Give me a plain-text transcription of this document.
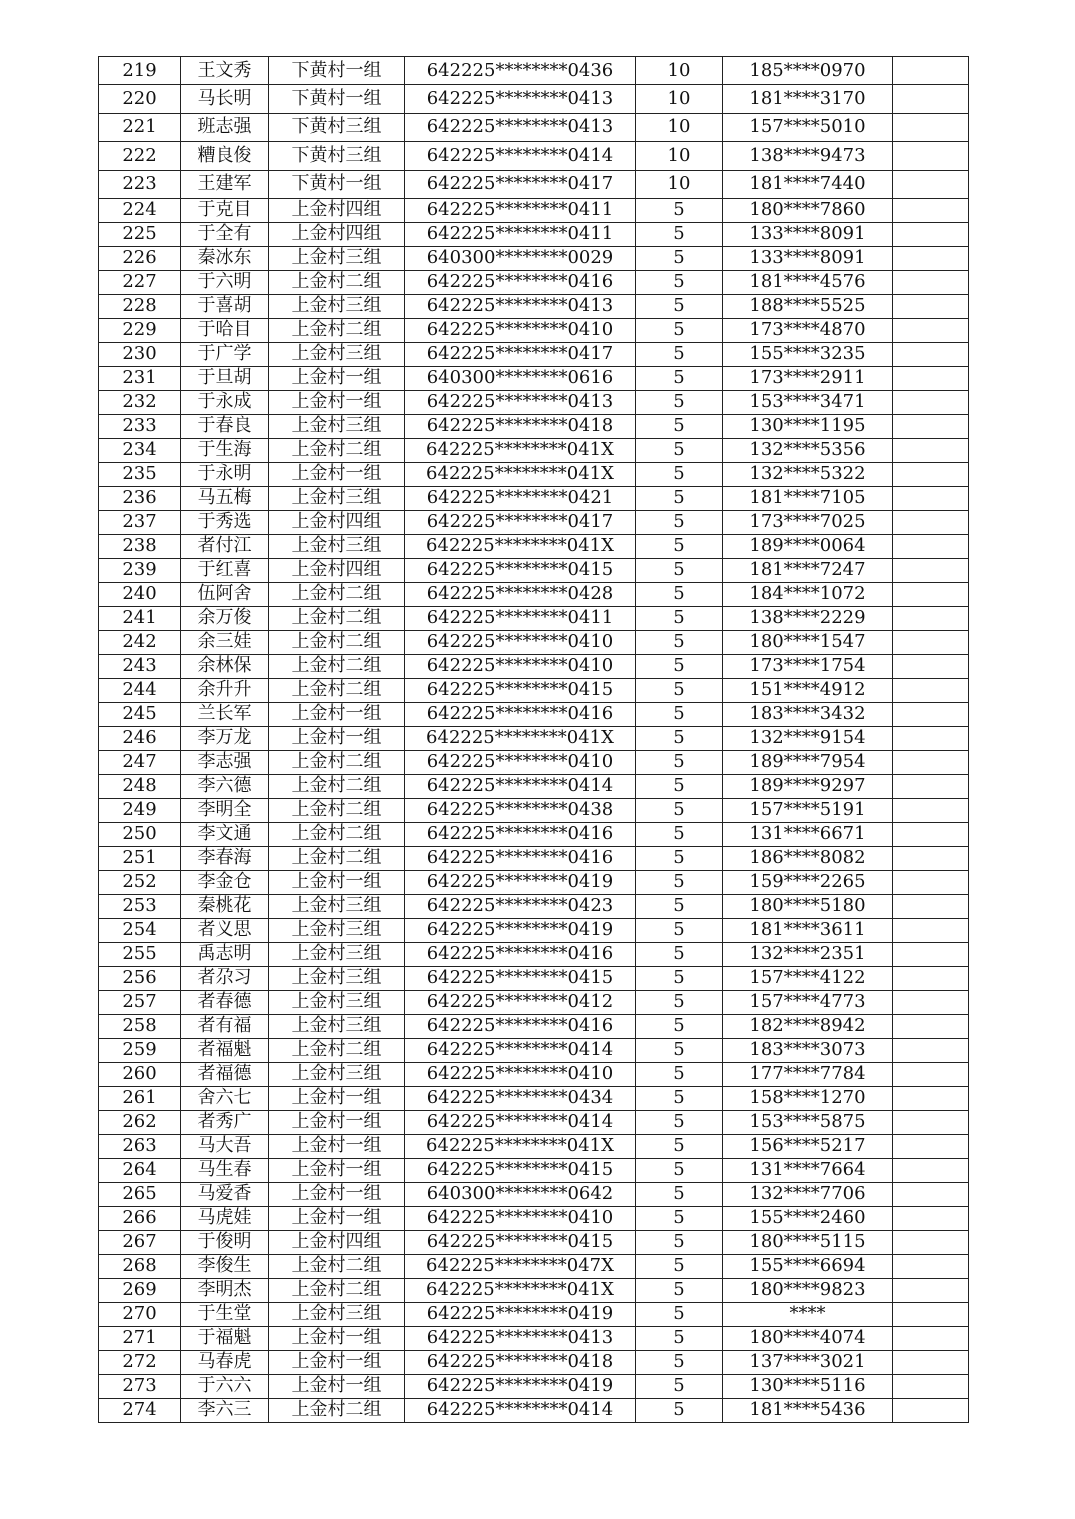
219	王文秀	下黄村一组	642225********0436	10	185****0970	
220	马长明	下黄村一组	642225********0413	10	181****3170	
221	班志强	下黄村三组	642225********0413	10	157****5010	
222	糟良俊	下黄村三组	642225********0414	10	138****9473	
223	王建军	下黄村一组	642225********0417	10	181****7440	
224	于克目	上金村四组	642225********0411	5	180****7860	
225	于全有	上金村四组	642225********0411	5	133****8091	
226	秦冰东	上金村三组	640300********0029	5	133****8091	
227	于六明	上金村二组	642225********0416	5	181****4576	
228	于喜胡	上金村三组	642225********0413	5	188****5525	
229	于哈目	上金村二组	642225********0410	5	173****4870	
230	于广学	上金村三组	642225********0417	5	155****3235	
231	于旦胡	上金村一组	640300********0616	5	173****2911	
232	于永成	上金村一组	642225********0413	5	153****3471	
233	于春良	上金村三组	642225********0418	5	130****1195	
234	于生海	上金村二组	642225********041X	5	132****5356	
235	于永明	上金村一组	642225********041X	5	132****5322	
236	马五梅	上金村三组	642225********0421	5	181****7105	
237	于秀选	上金村四组	642225********0417	5	173****7025	
238	者付江	上金村三组	642225********041X	5	189****0064	
239	于红喜	上金村四组	642225********0415	5	181****7247	
240	伍阿舍	上金村二组	642225********0428	5	184****1072	
241	余万俊	上金村二组	642225********0411	5	138****2229	
242	余三娃	上金村二组	642225********0410	5	180****1547	
243	余林保	上金村二组	642225********0410	5	173****1754	
244	余升升	上金村二组	642225********0415	5	151****4912	
245	兰长军	上金村一组	642225********0416	5	183****3432	
246	李万龙	上金村一组	642225********041X	5	132****9154	
247	李志强	上金村二组	642225********0410	5	189****7954	
248	李六德	上金村二组	642225********0414	5	189****9297	
249	李明全	上金村二组	642225********0438	5	157****5191	
250	李文通	上金村二组	642225********0416	5	131****6671	
251	李春海	上金村二组	642225********0416	5	186****8082	
252	李金仓	上金村一组	642225********0419	5	159****2265	
253	秦桃花	上金村三组	642225********0423	5	180****5180	
254	者义思	上金村三组	642225********0419	5	181****3611	
255	禹志明	上金村三组	642225********0416	5	132****2351	
256	者尕习	上金村三组	642225********0415	5	157****4122	
257	者春德	上金村三组	642225********0412	5	157****4773	
258	者有福	上金村三组	642225********0416	5	182****8942	
259	者福魁	上金村二组	642225********0414	5	183****3073	
260	者福德	上金村三组	642225********0410	5	177****7784	
261	舍六七	上金村一组	642225********0434	5	158****1270	
262	者秀广	上金村一组	642225********0414	5	153****5875	
263	马大吾	上金村一组	642225********041X	5	156****5217	
264	马生春	上金村一组	642225********0415	5	131****7664	
265	马爱香	上金村一组	640300********0642	5	132****7706	
266	马虎娃	上金村一组	642225********0410	5	155****2460	
267	于俊明	上金村四组	642225********0415	5	180****5115	
268	李俊生	上金村二组	642225********047X	5	155****6694	
269	李明杰	上金村二组	642225********041X	5	180****9823	
270	于生堂	上金村三组	642225********0419	5	****	
271	于福魁	上金村一组	642225********0413	5	180****4074	
272	马春虎	上金村一组	642225********0418	5	137****3021	
273	于六六	上金村一组	642225********0419	5	130****5116	
274	李六三	上金村二组	642225********0414	5	181****5436	
